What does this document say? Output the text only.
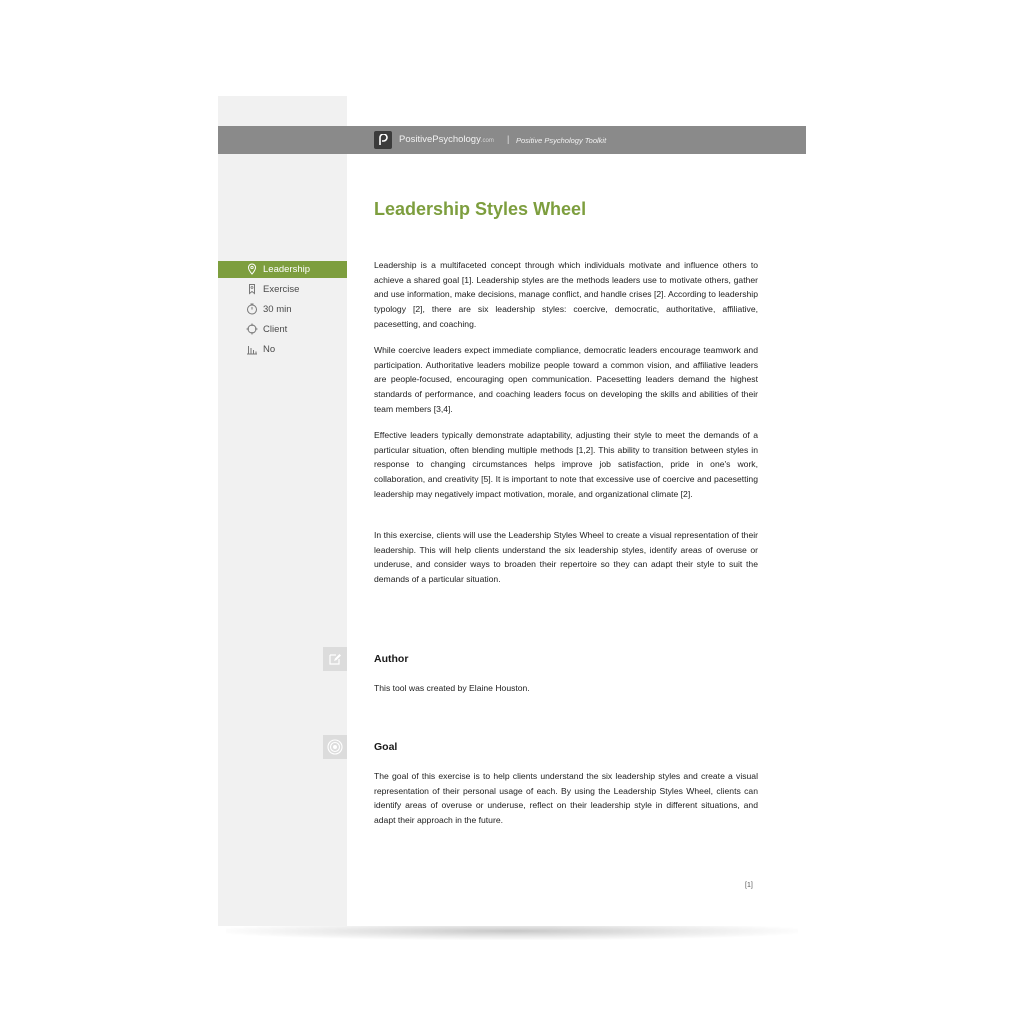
PositivePsychology.com | Positive Psychology Toolkit
Leadership Styles Wheel
Leadership
Exercise
30 min
Client
No

Leadership is a multifaceted concept through which individuals motivate and influence others to achieve a shared goal [1]. Leadership styles are the methods leaders use to motivate others, gather and use information, make decisions, manage conflict, and handle crises [2]. According to leadership typology [2], there are six leadership styles: coercive, democratic, authoritative, affiliative, pacesetting, and coaching.

While coercive leaders expect immediate compliance, democratic leaders encourage teamwork and participation. Authoritative leaders mobilize people toward a common vision, and affiliative leaders are people-focused, encouraging open communication. Pacesetting leaders demand the highest standards of performance, and coaching leaders focus on developing the skills and abilities of their team members [3,4].

Effective leaders typically demonstrate adaptability, adjusting their style to meet the demands of a particular situation, often blending multiple methods [1,2]. This ability to transition between styles in response to changing circumstances helps improve job satisfaction, pride in one's work, collaboration, and creativity [5]. It is important to note that excessive use of coercive and pacesetting leadership may negatively impact motivation, morale, and organizational climate [2].

In this exercise, clients will use the Leadership Styles Wheel to create a visual representation of their leadership. This will help clients understand the six leadership styles, identify areas of overuse or underuse, and consider ways to broaden their repertoire so they can adapt their style to suit the demands of a particular situation.

Author

This tool was created by Elaine Houston.

Goal

The goal of this exercise is to help clients understand the six leadership styles and create a visual representation of their personal usage of each. By using the Leadership Styles Wheel, clients can identify areas of overuse or underuse, reflect on their leadership style in different situations, and adapt their approach in the future.

[1]
